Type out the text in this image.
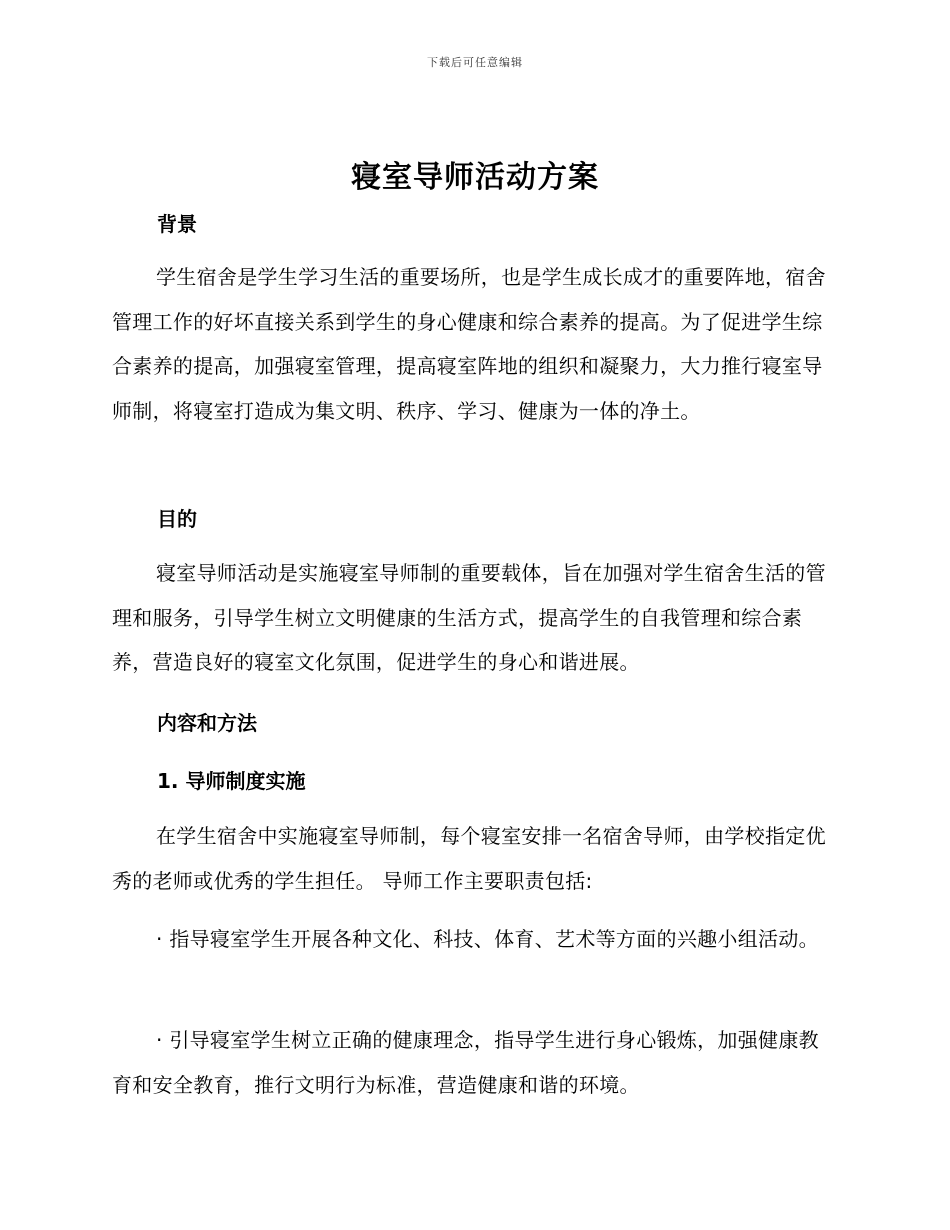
下载后可任意编辑
寝室导师活动方案
背景
学生宿舍是学生学习生活的重要场所，也是学生成长成才的重要阵地，宿舍管理工作的好坏直接关系到学生的身心健康和综合素养的提高。为了促进学生综合素养的提高，加强寝室管理，提高寝室阵地的组织和凝聚力，大力推行寝室导师制，将寝室打造成为集文明、秩序、学习、健康为一体的净土。
目的
寝室导师活动是实施寝室导师制的重要载体，旨在加强对学生宿舍生活的管理和服务，引导学生树立文明健康的生活方式，提高学生的自我管理和综合素养，营造良好的寝室文化氛围，促进学生的身心和谐进展。
内容和方法
1. 导师制度实施
在学生宿舍中实施寝室导师制，每个寝室安排一名宿舍导师，由学校指定优秀的老师或优秀的学生担任。 导师工作主要职责包括:
· 指导寝室学生开展各种文化、科技、体育、艺术等方面的兴趣小组活动。
· 引导寝室学生树立正确的健康理念，指导学生进行身心锻炼，加强健康教育和安全教育，推行文明行为标准，营造健康和谐的环境。
